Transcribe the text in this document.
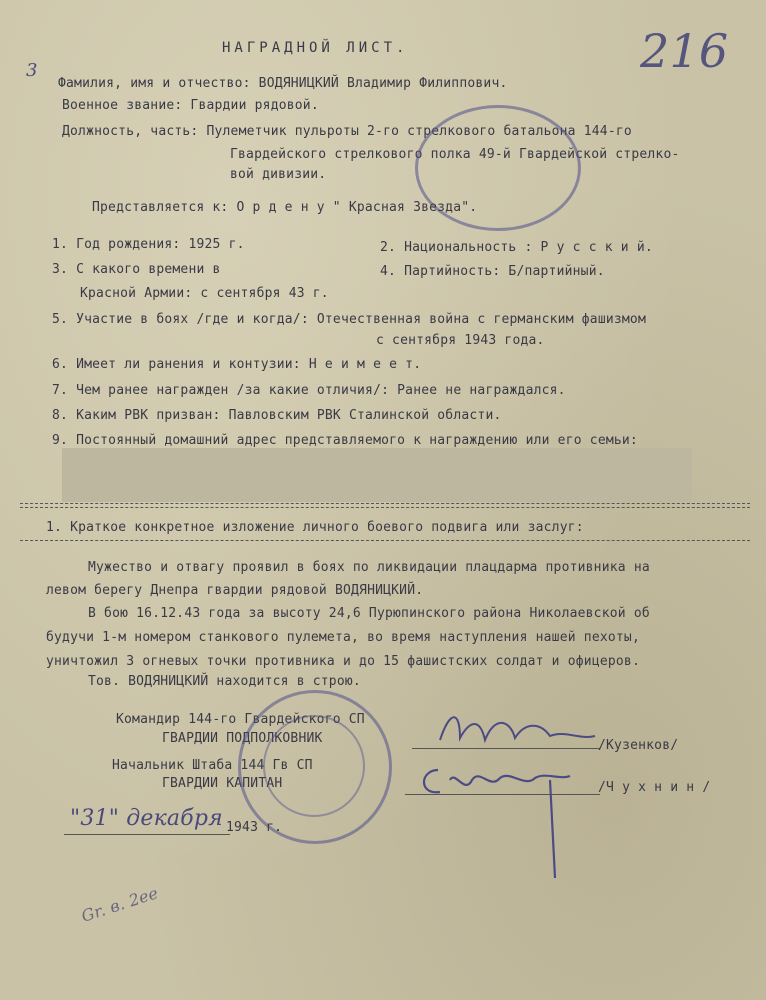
НАГРАДНОЙ ЛИСТ.	216
3
Фамилия, имя и отчество: ВОДЯНИЦКИЙ Владимир Филиппович.
Военное звание: Гвардии рядовой.
Должность, часть: Пулеметчик пульроты 2-го стрелкового батальона 144-го
Гвардейского стрелкового полка 49-й Гвардейской стрелко-
вой дивизии.
Представляется к: О р д е н у " Красная Звезда".
1. Год рождения: 1925 г.	2. Национальность : Р у с с к и й.
3. С какого времени в	4. Партийность: Б/партийный.
Красной Армии: с сентября 43 г.
5. Участие в боях /где и когда/: Отечественная война с германским фашизмом
с сентября 1943 года.
6. Имеет ли ранения и контузии: Н е и м е е т.
7. Чем ранее награжден /за какие отличия/: Ранее не награждался.
8. Каким РВК призван: Павловским РВК Сталинской области.
9. Постоянный домашний адрес представляемого к награждению или его семьи:
1. Краткое конкретное изложение личного боевого подвига или заслуг:
Мужество и отвагу проявил в боях по ликвидации плацдарма противника на
левом берегу Днепра гвардии рядовой ВОДЯНИЦКИЙ.
В бою 16.12.43 года за высоту 24,6 Пурюпинского района Николаевской об
будучи 1-м номером станкового пулемета, во время наступления нашей пехоты,
уничтожил 3 огневых точки противника и до 15 фашистских солдат и офицеров.
Тов. ВОДЯНИЦКИЙ находится в строю.
Командир 144-го Гвардейского СП
ГВАРДИИ ПОДПОЛКОВНИК	/Кузенков/
Начальник Штаба 144 Гв СП
ГВАРДИИ КАПИТАН	/Ч у х н и н /
"31" декабря 1943 г.
Gr. в. 2ee
